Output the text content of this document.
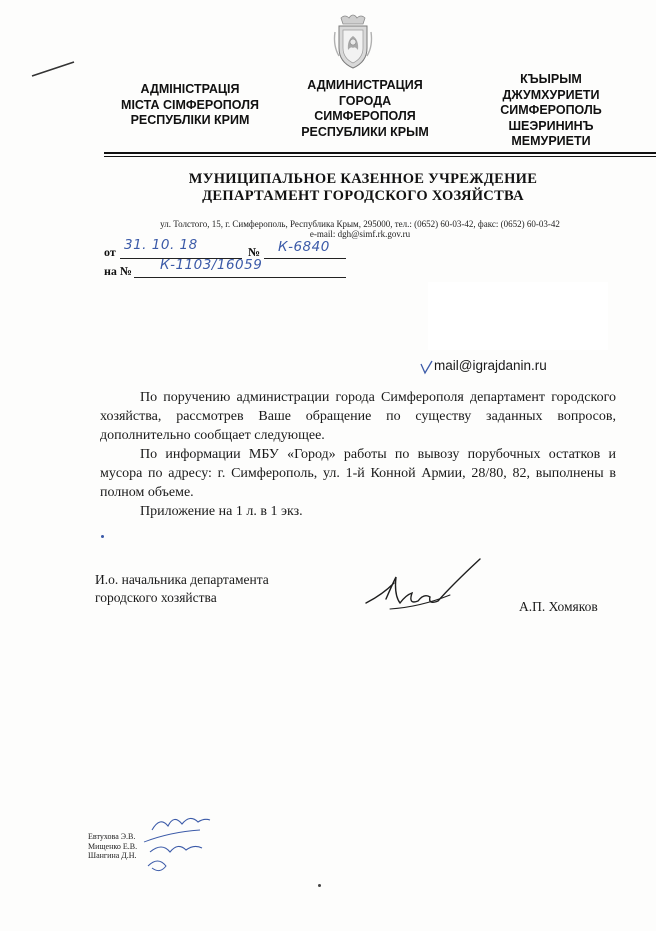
АДМІНІСТРАЦІЯ
МІСТА СІМФЕРОПОЛЯ
РЕСПУБЛІКИ КРИМ
АДМИНИСТРАЦИЯ
ГОРОДА
СИМФЕРОПОЛЯ
РЕСПУБЛИКИ КРЫМ
КЪЫРЫМ
ДЖУМХУРИЕТИ
СИМФЕРОПОЛЬ
ШЕЭРИНИНЪ
МЕМУРИЕТИ
МУНИЦИПАЛЬНОЕ КАЗЕННОЕ УЧРЕЖДЕНИЕ
ДЕПАРТАМЕНТ ГОРОДСКОГО ХОЗЯЙСТВА
ул. Толстого, 15, г. Симферополь, Республика Крым, 295000, тел.: (0652) 60-03-42, факс: (0652) 60-03-42
e-mail: dgh@simf.rk.gov.ru
от 31. 10. 18	№ К-6840
на № К-1103/16059
mail@igrajdanin.ru

По поручению администрации города Симферополя департамент городского хозяйства, рассмотрев Ваше обращение по существу заданных вопросов, дополнительно сообщает следующее.

По информации МБУ «Город» работы по вывозу порубочных остатков и мусора по адресу: г. Симферополь, ул. 1-й Конной Армии, 28/80, 82, выполнены в полном объеме.

Приложение на 1 л. в 1 экз.

И.о. начальника департамента
городского хозяйства
А.П. Хомяков
Евтухова Э.В.
Мищенко Е.В.
Шангина Д.Н.
